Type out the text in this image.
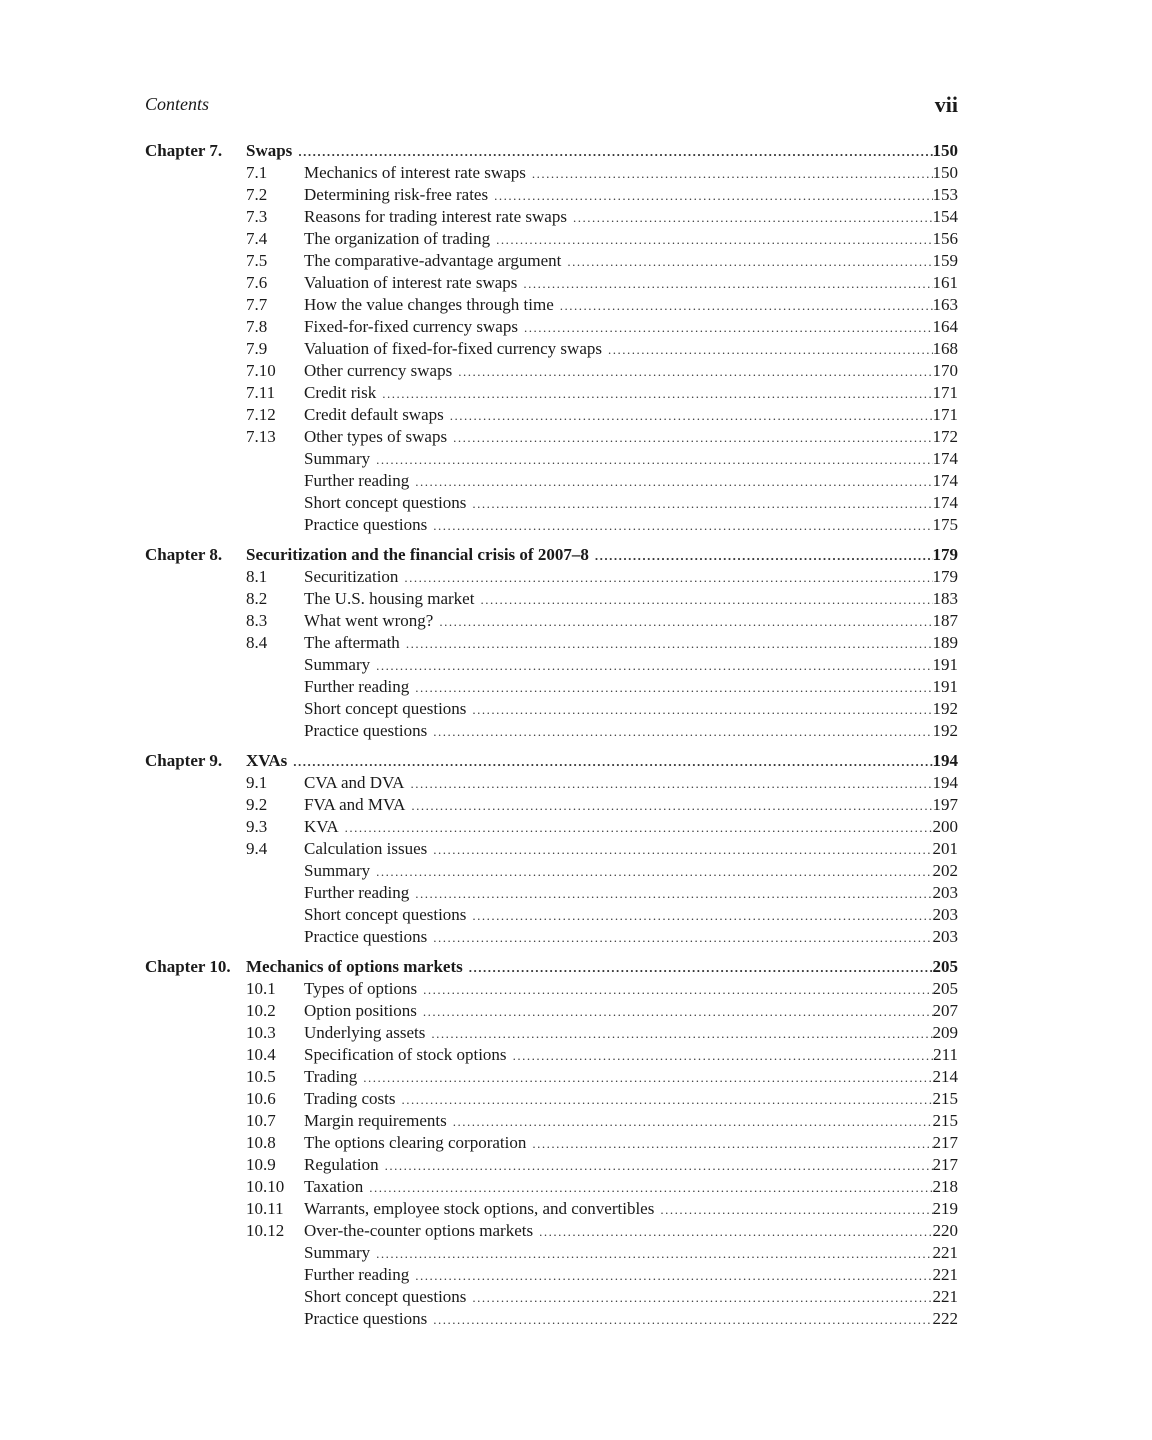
Contents	vii
Chapter 7. Swaps .....	150
7.1 Mechanics of interest rate swaps .....	150
7.2 Determining risk-free rates .....	153
7.3 Reasons for trading interest rate swaps .....	154
7.4 The organization of trading .....	156
7.5 The comparative-advantage argument .....	159
7.6 Valuation of interest rate swaps .....	161
7.7 How the value changes through time .....	163
7.8 Fixed-for-fixed currency swaps .....	164
7.9 Valuation of fixed-for-fixed currency swaps .....	168
7.10 Other currency swaps .....	170
7.11 Credit risk .....	171
7.12 Credit default swaps .....	171
7.13 Other types of swaps .....	172
Summary .....	174
Further reading .....	174
Short concept questions .....	174
Practice questions .....	175
Chapter 8. Securitization and the financial crisis of 2007–8 .....	179
8.1 Securitization .....	179
8.2 The U.S. housing market .....	183
8.3 What went wrong? .....	187
8.4 The aftermath .....	189
Summary .....	191
Further reading .....	191
Short concept questions .....	192
Practice questions .....	192
Chapter 9. XVAs .....	194
9.1 CVA and DVA .....	194
9.2 FVA and MVA .....	197
9.3 KVA .....	200
9.4 Calculation issues .....	201
Summary .....	202
Further reading .....	203
Short concept questions .....	203
Practice questions .....	203
Chapter 10. Mechanics of options markets .....	205
10.1 Types of options .....	205
10.2 Option positions .....	207
10.3 Underlying assets .....	209
10.4 Specification of stock options .....	211
10.5 Trading .....	214
10.6 Trading costs .....	215
10.7 Margin requirements .....	215
10.8 The options clearing corporation .....	217
10.9 Regulation .....	217
10.10 Taxation .....	218
10.11 Warrants, employee stock options, and convertibles .....	219
10.12 Over-the-counter options markets .....	220
Summary .....	221
Further reading .....	221
Short concept questions .....	221
Practice questions .....	222
